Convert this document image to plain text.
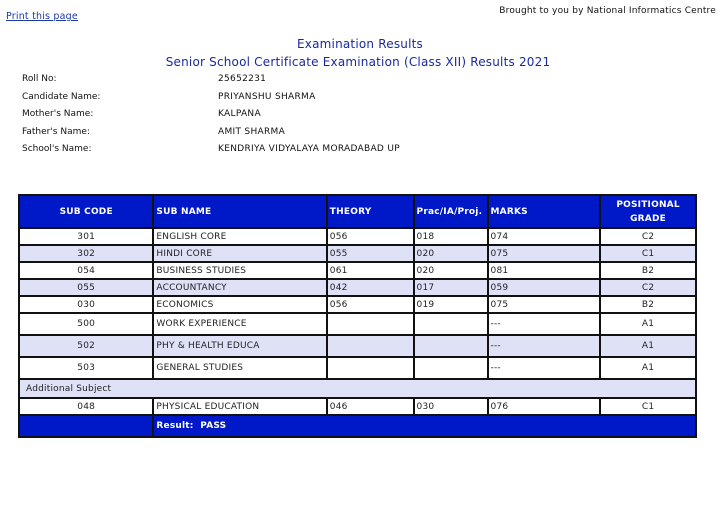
Print this page	Brought to you by National Informatics Centre
Examination Results
Senior School Certificate Examination (Class XII) Results 2021
Roll No:	25652231
Candidate Name:	PRIYANSHU SHARMA
Mother's Name:	KALPANA
Father's Name:	AMIT SHARMA
School's Name:	KENDRIYA VIDYALAYA MORADABAD UP
SUB CODE	SUB NAME	THEORY	Prac/IA/Proj.	MARKS	POSITIONAL GRADE
301	ENGLISH CORE	056	018	074	C2
302	HINDI CORE	055	020	075	C1
054	BUSINESS STUDIES	061	020	081	B2
055	ACCOUNTANCY	042	017	059	C2
030	ECONOMICS	056	019	075	B2
500	WORK EXPERIENCE			---	A1
502	PHY & HEALTH EDUCA			---	A1
503	GENERAL STUDIES			---	A1
Additional Subject					
048	PHYSICAL EDUCATION	046	030	076	C1
	Result: PASS				
